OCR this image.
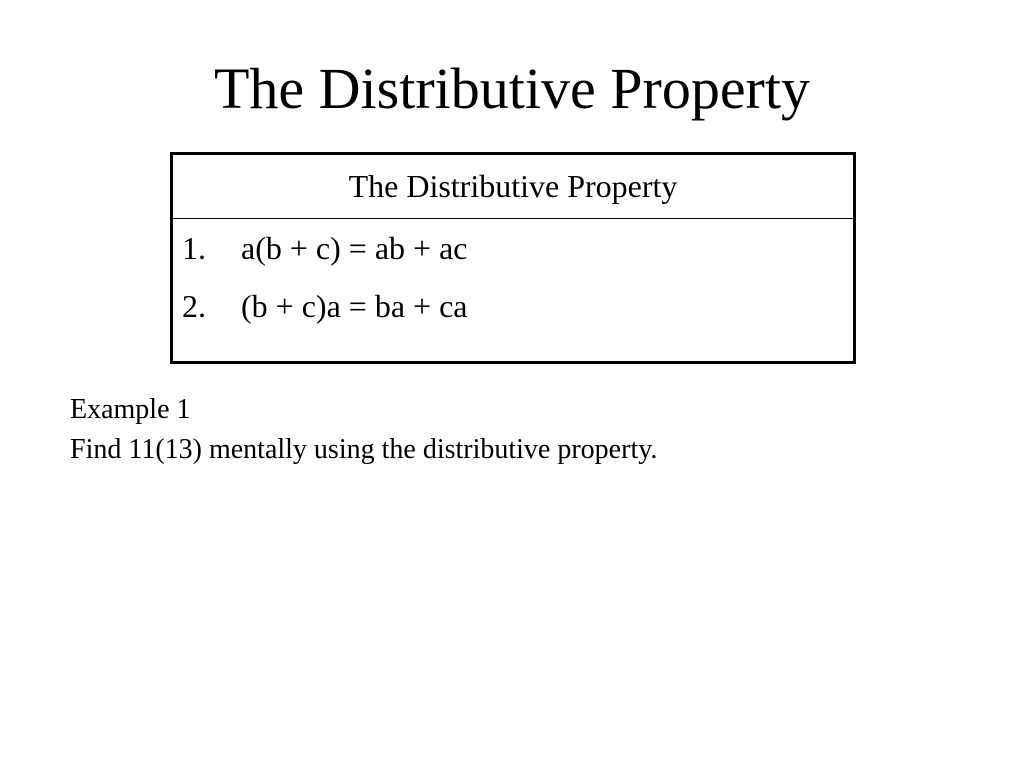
The Distributive Property
The Distributive Property
1. a(b + c) = ab + ac
2. (b + c)a = ba + ca
Example 1
Find 11(13) mentally using the distributive property.
